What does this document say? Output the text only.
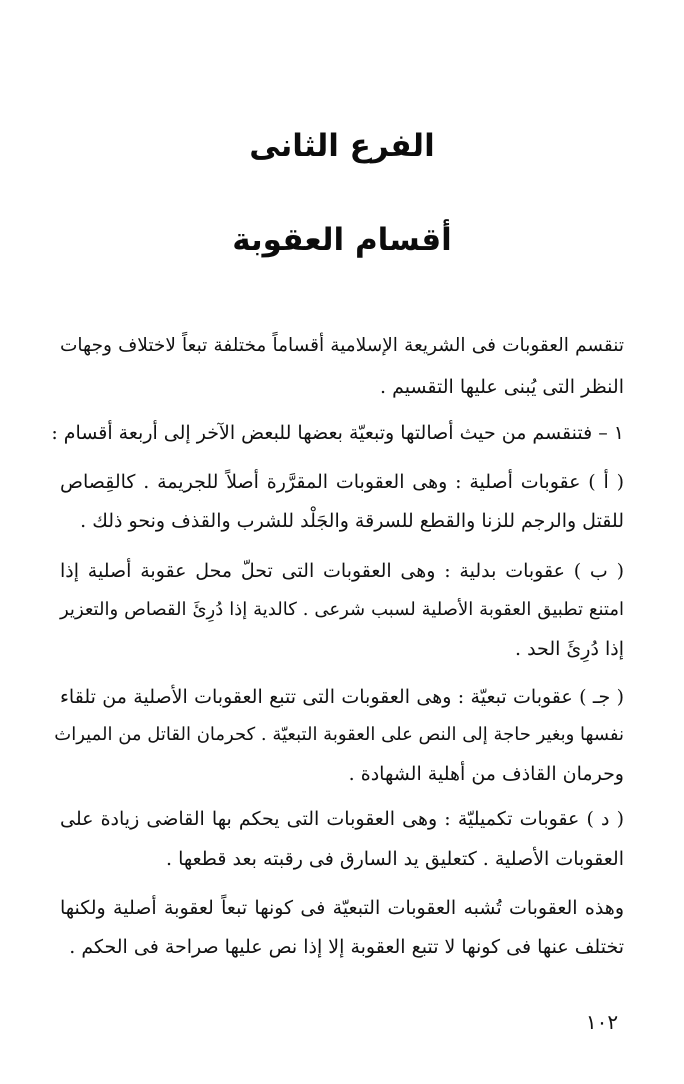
الفرع الثانى
أقسام العقوبة
تنقسم العقوبات فى الشريعة الإسلامية أقساماً مختلفة تبعاً لاختلاف وجهات
النظر التى يُبنى عليها التقسيم .
١ – فتنقسم من حيث أصالتها وتبعيّة بعضها للبعض الآخر إلى أربعة أقسام :
( أ ) عقوبات أصلية : وهى العقوبات المقرَّرة أصلاً للجريمة . كالقِصاص
للقتل والرجم للزنا والقطع للسرقة والجَلْد للشرب والقذف ونحو ذلك .
( ب ) عقوبات بدلية : وهى العقوبات التى تحلّ محل عقوبة أصلية إذا
امتنع تطبيق العقوبة الأصلية لسبب شرعى . كالدية إذا دُرِئَ القصاص والتعزير
إذا دُرِئَ الحد .
( جـ ) عقوبات تبعيّة : وهى العقوبات التى تتبع العقوبات الأصلية من تلقاء
نفسها وبغير حاجة إلى النص على العقوبة التبعيّة . كحرمان القاتل من الميراث
وحرمان القاذف من أهلية الشهادة .
( د ) عقوبات تكميليّة : وهى العقوبات التى يحكم بها القاضى زيادة على
العقوبات الأصلية . كتعليق يد السارق فى رقبته بعد قطعها .
وهذه العقوبات تُشبه العقوبات التبعيّة فى كونها تبعاً لعقوبة أصلية ولكنها
تختلف عنها فى كونها لا تتبع العقوبة إلا إذا نص عليها صراحة فى الحكم .
١٠٢
